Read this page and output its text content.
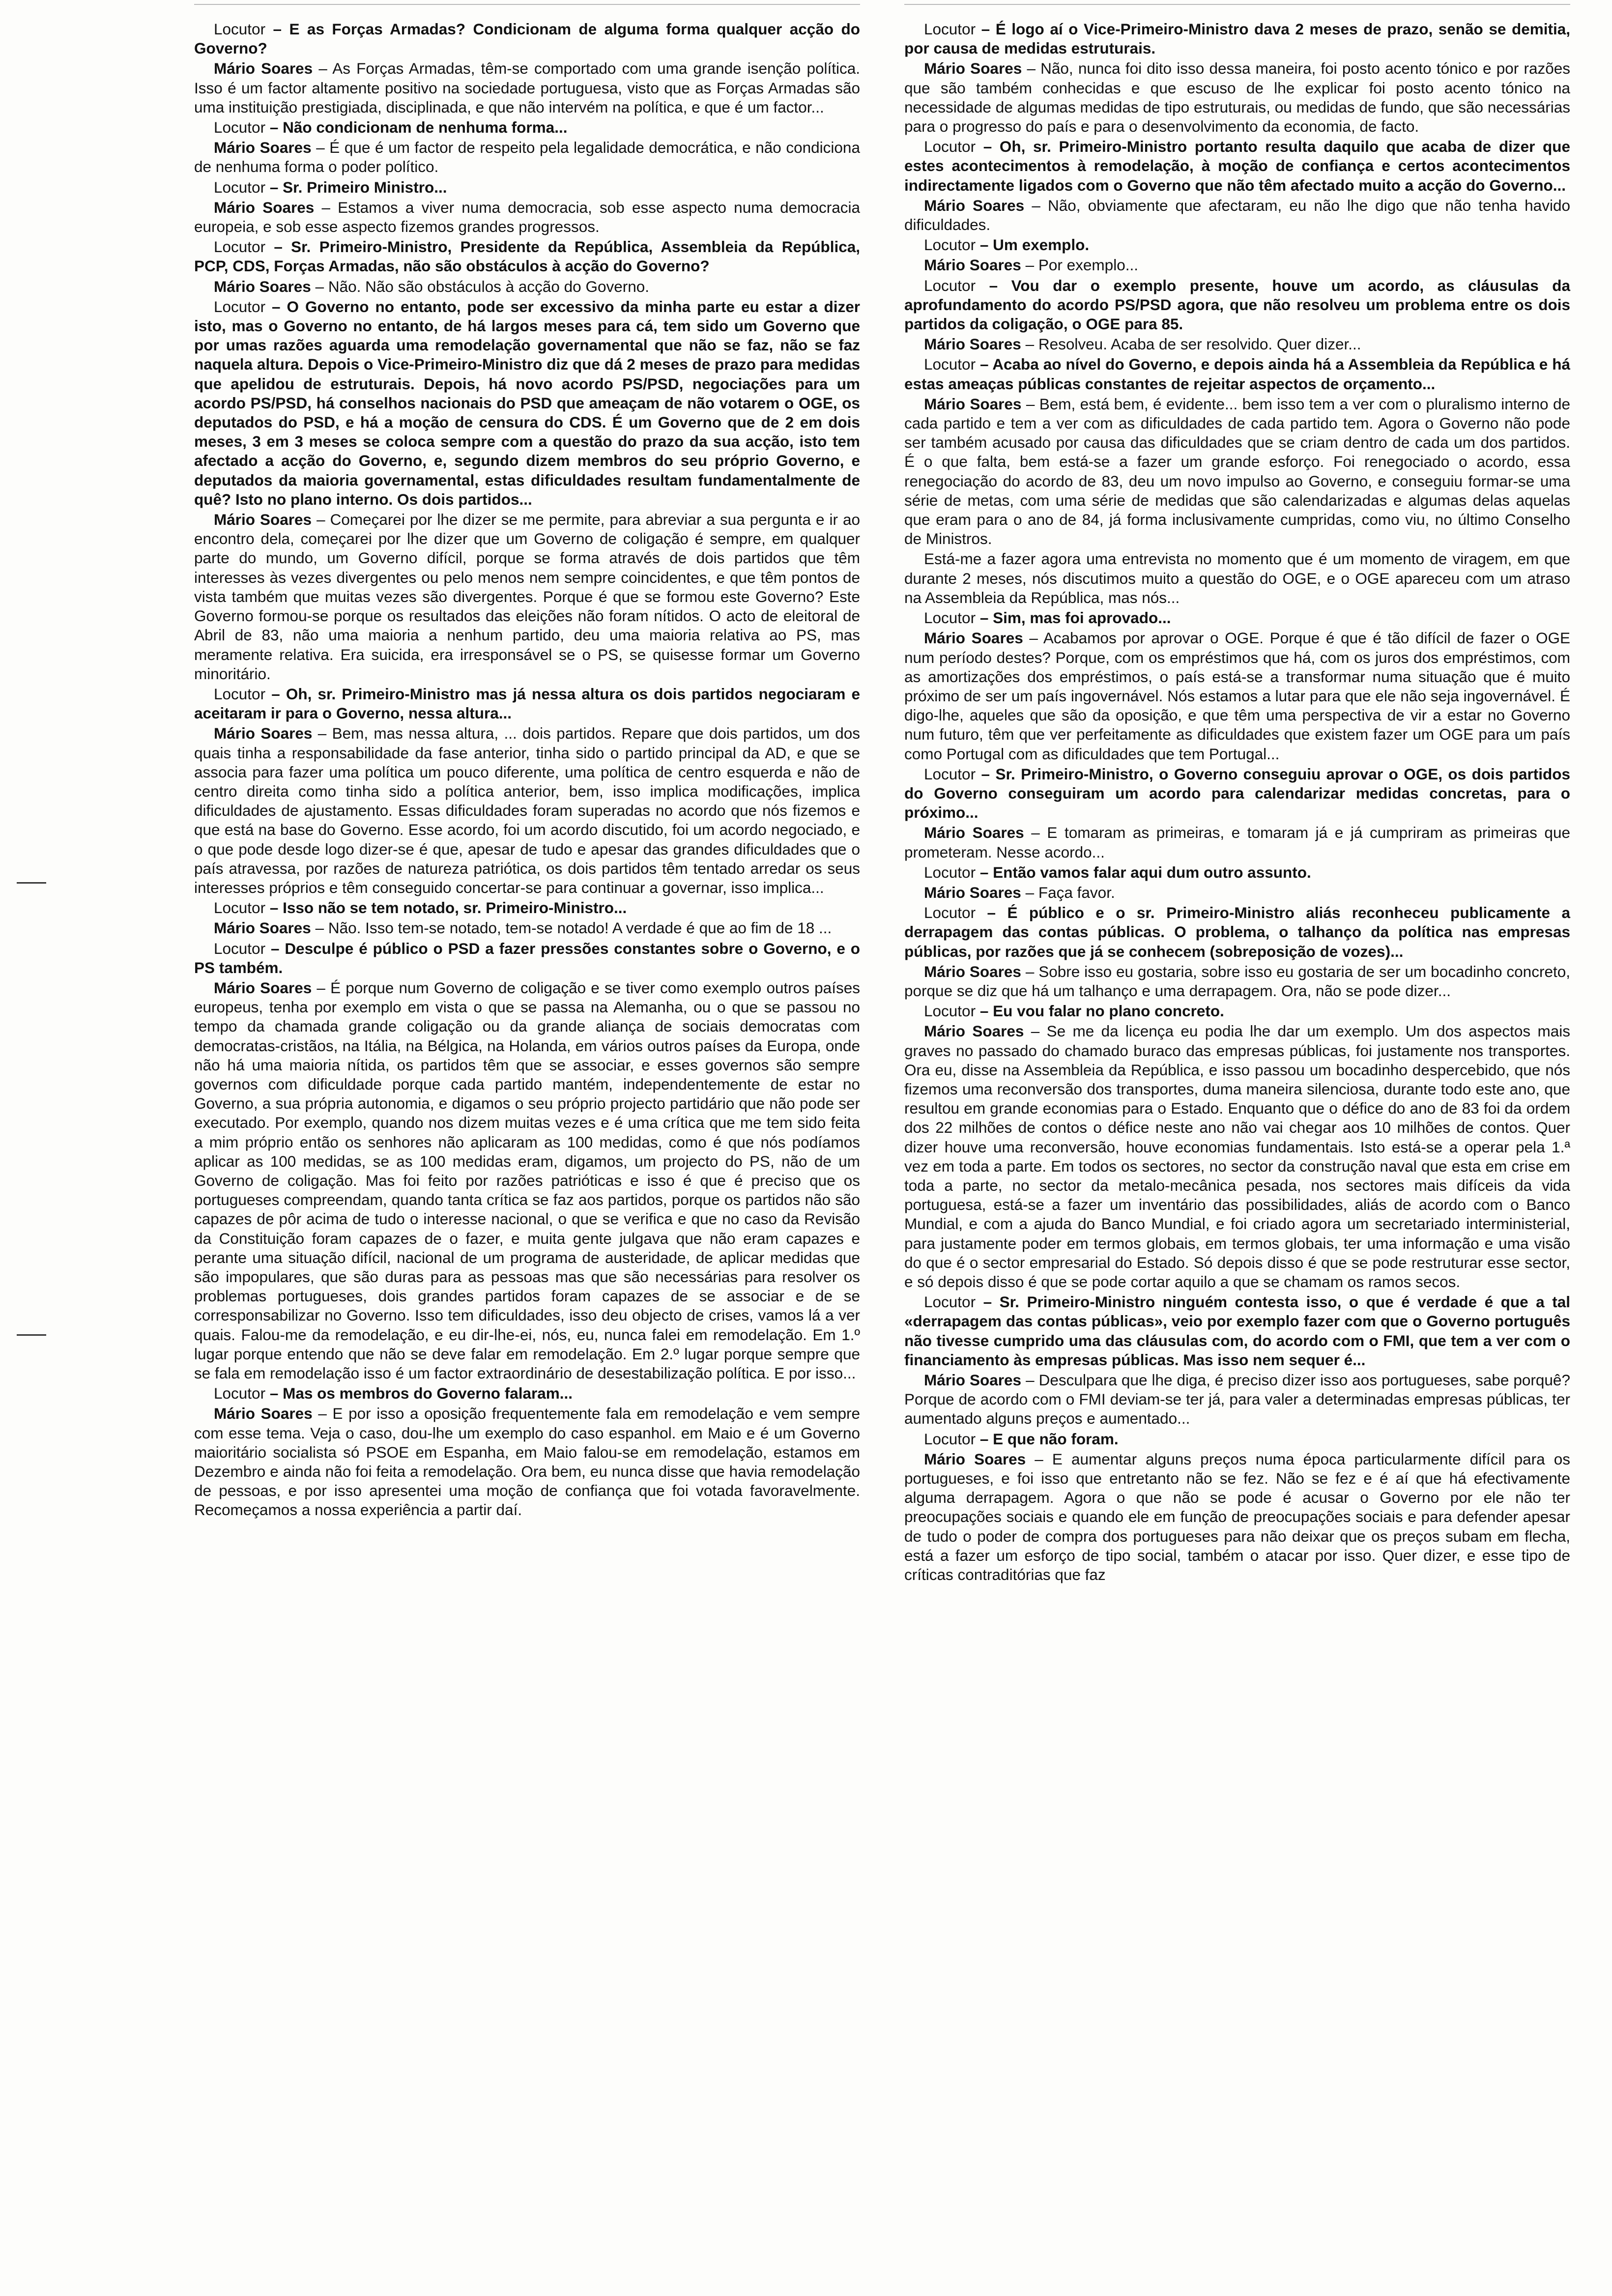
Locutor – E as Forças Armadas? Condicionam de alguma forma qualquer acção do Governo?

Mário Soares – As Forças Armadas, têm-se comportado com uma grande isenção política. Isso é um factor altamente positivo na sociedade portuguesa, visto que as Forças Armadas são uma instituição prestigiada, disciplinada, e que não intervém na política, e que é um factor...

Locutor – Não condicionam de nenhuma forma...

Mário Soares – É que é um factor de respeito pela legalidade democrática, e não condiciona de nenhuma forma o poder político.

Locutor – Sr. Primeiro Ministro...

Mário Soares – Estamos a viver numa democracia, sob esse aspecto numa democracia europeia, e sob esse aspecto fizemos grandes progressos.

Locutor – Sr. Primeiro-Ministro, Presidente da República, Assembleia da República, PCP, CDS, Forças Armadas, não são obstáculos à acção do Governo?

Mário Soares – Não. Não são obstáculos à acção do Governo.

Locutor – O Governo no entanto, pode ser excessivo da minha parte eu estar a dizer isto, mas o Governo no entanto, de há largos meses para cá, tem sido um Governo que por umas razões aguarda uma remodelação governamental que não se faz, não se faz naquela altura. Depois o Vice-Primeiro-Ministro diz que dá 2 meses de prazo para medidas que apelidou de estruturais. Depois, há novo acordo PS/PSD, negociações para um acordo PS/PSD, há conselhos nacionais do PSD que ameaçam de não votarem o OGE, os deputados do PSD, e há a moção de censura do CDS. É um Governo que de 2 em dois meses, 3 em 3 meses se coloca sempre com a questão do prazo da sua acção, isto tem afectado a acção do Governo, e, segundo dizem membros do seu próprio Governo, e deputados da maioria governamental, estas dificuldades resultam fundamentalmente de quê? Isto no plano interno. Os dois partidos...

Mário Soares – Começarei por lhe dizer se me permite, para abreviar a sua pergunta e ir ao encontro dela, começarei por lhe dizer que um Governo de coligação é sempre, em qualquer parte do mundo, um Governo difícil, porque se forma através de dois partidos que têm interesses às vezes divergentes ou pelo menos nem sempre coincidentes, e que têm pontos de vista também que muitas vezes são divergentes. Porque é que se formou este Governo? Este Governo formou-se porque os resultados das eleições não foram nítidos. O acto de eleitoral de Abril de 83, não uma maioria a nenhum partido, deu uma maioria relativa ao PS, mas meramente relativa. Era suicida, era irresponsável se o PS, se quisesse formar um Governo minoritário.

Locutor – Oh, sr. Primeiro-Ministro mas já nessa altura os dois partidos negociaram e aceitaram ir para o Governo, nessa altura...

Mário Soares – Bem, mas nessa altura, ... dois partidos. Repare que dois partidos, um dos quais tinha a responsabilidade da fase anterior, tinha sido o partido principal da AD, e que se associa para fazer uma política um pouco diferente, uma política de centro esquerda e não de centro direita como tinha sido a política anterior, bem, isso implica modificações, implica dificuldades de ajustamento. Essas dificuldades foram superadas no acordo que nós fizemos e que está na base do Governo. Esse acordo, foi um acordo discutido, foi um acordo negociado, e o que pode desde logo dizer-se é que, apesar de tudo e apesar das grandes dificuldades que o país atravessa, por razões de natureza patriótica, os dois partidos têm tentado arredar os seus interesses próprios e têm conseguido concertar-se para continuar a governar, isso implica...

Locutor – Isso não se tem notado, sr. Primeiro-Ministro...

Mário Soares – Não. Isso tem-se notado, tem-se notado! A verdade é que ao fim de 18 ...

Locutor – Desculpe é público o PSD a fazer pressões constantes sobre o Governo, e o PS também.

Mário Soares – É porque num Governo de coligação e se tiver como exemplo outros países europeus, tenha por exemplo em vista o que se passa na Alemanha, ou o que se passou no tempo da chamada grande coligação ou da grande aliança de sociais democratas com democratas-cristãos, na Itália, na Bélgica, na Holanda, em vários outros países da Europa, onde não há uma maioria nítida, os partidos têm que se associar, e esses governos são sempre governos com dificuldade porque cada partido mantém, independentemente de estar no Governo, a sua própria autonomia, e digamos o seu próprio projecto partidário que não pode ser executado. Por exemplo, quando nos dizem muitas vezes e é uma crítica que me tem sido feita a mim próprio então os senhores não aplicaram as 100 medidas, como é que nós podíamos aplicar as 100 medidas, se as 100 medidas eram, digamos, um projecto do PS, não de um Governo de coligação. Mas foi feito por razões patrióticas e isso é que é preciso que os portugueses compreendam, quando tanta crítica se faz aos partidos, porque os partidos não são capazes de pôr acima de tudo o interesse nacional, o que se verifica e que no caso da Revisão da Constituição foram capazes de o fazer, e muita gente julgava que não eram capazes e perante uma situação difícil, nacional de um programa de austeridade, de aplicar medidas que são impopulares, que são duras para as pessoas mas que são necessárias para resolver os problemas portugueses, dois grandes partidos foram capazes de se associar e de se corresponsabilizar no Governo. Isso tem dificuldades, isso deu objecto de crises, vamos lá a ver quais. Falou-me da remodelação, e eu dir-lhe-ei, nós, eu, nunca falei em remodelação. Em 1.º lugar porque entendo que não se deve falar em remodelação. Em 2.º lugar porque sempre que se fala em remodelação isso é um factor extraordinário de desestabilização política. E por isso...

Locutor – Mas os membros do Governo falaram...

Mário Soares – E por isso a oposição frequentemente fala em remodelação e vem sempre com esse tema. Veja o caso, dou-lhe um exemplo do caso espanhol. em Maio e é um Governo maioritário socialista só PSOE em Espanha, em Maio falou-se em remodelação, estamos em Dezembro e ainda não foi feita a remodelação. Ora bem, eu nunca disse que havia remodelação de pessoas, e por isso apresentei uma moção de confiança que foi votada favoravelmente. Recomeçamos a nossa experiência a partir daí.

Locutor – É logo aí o Vice-Primeiro-Ministro dava 2 meses de prazo, senão se demitia, por causa de medidas estruturais.

Mário Soares – Não, nunca foi dito isso dessa maneira, foi posto acento tónico e por razões que são também conhecidas e que escuso de lhe explicar foi posto acento tónico na necessidade de algumas medidas de tipo estruturais, ou medidas de fundo, que são necessárias para o progresso do país e para o desenvolvimento da economia, de facto.

Locutor – Oh, sr. Primeiro-Ministro portanto resulta daquilo que acaba de dizer que estes acontecimentos à remodelação, à moção de confiança e certos acontecimentos indirectamente ligados com o Governo que não têm afectado muito a acção do Governo...

Mário Soares – Não, obviamente que afectaram, eu não lhe digo que não tenha havido dificuldades.

Locutor – Um exemplo.

Mário Soares – Por exemplo...

Locutor – Vou dar o exemplo presente, houve um acordo, as cláusulas da aprofundamento do acordo PS/PSD agora, que não resolveu um problema entre os dois partidos da coligação, o OGE para 85.

Mário Soares – Resolveu. Acaba de ser resolvido. Quer dizer...

Locutor – Acaba ao nível do Governo, e depois ainda há a Assembleia da República e há estas ameaças públicas constantes de rejeitar aspectos de orçamento...

Mário Soares – Bem, está bem, é evidente... bem isso tem a ver com o pluralismo interno de cada partido e tem a ver com as dificuldades de cada partido tem. Agora o Governo não pode ser também acusado por causa das dificuldades que se criam dentro de cada um dos partidos. É o que falta, bem está-se a fazer um grande esforço. Foi renegociado o acordo, essa renegociação do acordo de 83, deu um novo impulso ao Governo, e conseguiu formar-se uma série de metas, com uma série de medidas que são calendarizadas e algumas delas aquelas que eram para o ano de 84, já forma inclusivamente cumpridas, como viu, no último Conselho de Ministros.

Está-me a fazer agora uma entrevista no momento que é um momento de viragem, em que durante 2 meses, nós discutimos muito a questão do OGE, e o OGE apareceu com um atraso na Assembleia da República, mas nós...

Locutor – Sim, mas foi aprovado...

Mário Soares – Acabamos por aprovar o OGE. Porque é que é tão difícil de fazer o OGE num período destes? Porque, com os empréstimos que há, com os juros dos empréstimos, com as amortizações dos empréstimos, o país está-se a transformar numa situação que é muito próximo de ser um país ingovernável. Nós estamos a lutar para que ele não seja ingovernável. É digo-lhe, aqueles que são da oposição, e que têm uma perspectiva de vir a estar no Governo num futuro, têm que ver perfeitamente as dificuldades que existem fazer um OGE para um país como Portugal com as dificuldades que tem Portugal...

Locutor – Sr. Primeiro-Ministro, o Governo conseguiu aprovar o OGE, os dois partidos do Governo conseguiram um acordo para calendarizar medidas concretas, para o próximo...

Mário Soares – E tomaram as primeiras, e tomaram já e já cumpriram as primeiras que prometeram. Nesse acordo...

Locutor – Então vamos falar aqui dum outro assunto.

Mário Soares – Faça favor.

Locutor – É público e o sr. Primeiro-Ministro aliás reconheceu publicamente a derrapagem das contas públicas. O problema, o talhanço da política nas empresas públicas, por razões que já se conhecem (sobreposição de vozes)...

Mário Soares – Sobre isso eu gostaria, sobre isso eu gostaria de ser um bocadinho concreto, porque se diz que há um talhanço e uma derrapagem. Ora, não se pode dizer...

Locutor – Eu vou falar no plano concreto.

Mário Soares – Se me da licença eu podia lhe dar um exemplo. Um dos aspectos mais graves no passado do chamado buraco das empresas públicas, foi justamente nos transportes. Ora eu, disse na Assembleia da República, e isso passou um bocadinho despercebido, que nós fizemos uma reconversão dos transportes, duma maneira silenciosa, durante todo este ano, que resultou em grande economias para o Estado. Enquanto que o défice do ano de 83 foi da ordem dos 22 milhões de contos o défice neste ano não vai chegar aos 10 milhões de contos. Quer dizer houve uma reconversão, houve economias fundamentais. Isto está-se a operar pela 1.ª vez em toda a parte. Em todos os sectores, no sector da construção naval que esta em crise em toda a parte, no sector da metalo-mecânica pesada, nos sectores mais difíceis da vida portuguesa, está-se a fazer um inventário das possibilidades, aliás de acordo com o Banco Mundial, e com a ajuda do Banco Mundial, e foi criado agora um secretariado interministerial, para justamente poder em termos globais, em termos globais, ter uma informação e uma visão do que é o sector empresarial do Estado. Só depois disso é que se pode restruturar esse sector, e só depois disso é que se pode cortar aquilo a que se chamam os ramos secos.

Locutor – Sr. Primeiro-Ministro ninguém contesta isso, o que é verdade é que a tal «derrapagem das contas públicas», veio por exemplo fazer com que o Governo português não tivesse cumprido uma das cláusulas com, do acordo com o FMI, que tem a ver com o financiamento às empresas públicas. Mas isso nem sequer é...

Mário Soares – Desculpara que lhe diga, é preciso dizer isso aos portugueses, sabe porquê? Porque de acordo com o FMI deviam-se ter já, para valer a determinadas empresas públicas, ter aumentado alguns preços e aumentado...

Locutor – E que não foram.

Mário Soares – E aumentar alguns preços numa época particularmente difícil para os portugueses, e foi isso que entretanto não se fez. Não se fez e é aí que há efectivamente alguma derrapagem. Agora o que não se pode é acusar o Governo por ele não ter preocupações sociais e quando ele em função de preocupações sociais e para defender apesar de tudo o poder de compra dos portugueses para não deixar que os preços subam em flecha, está a fazer um esforço de tipo social, também o atacar por isso. Quer dizer, e esse tipo de críticas contraditórias que faz
